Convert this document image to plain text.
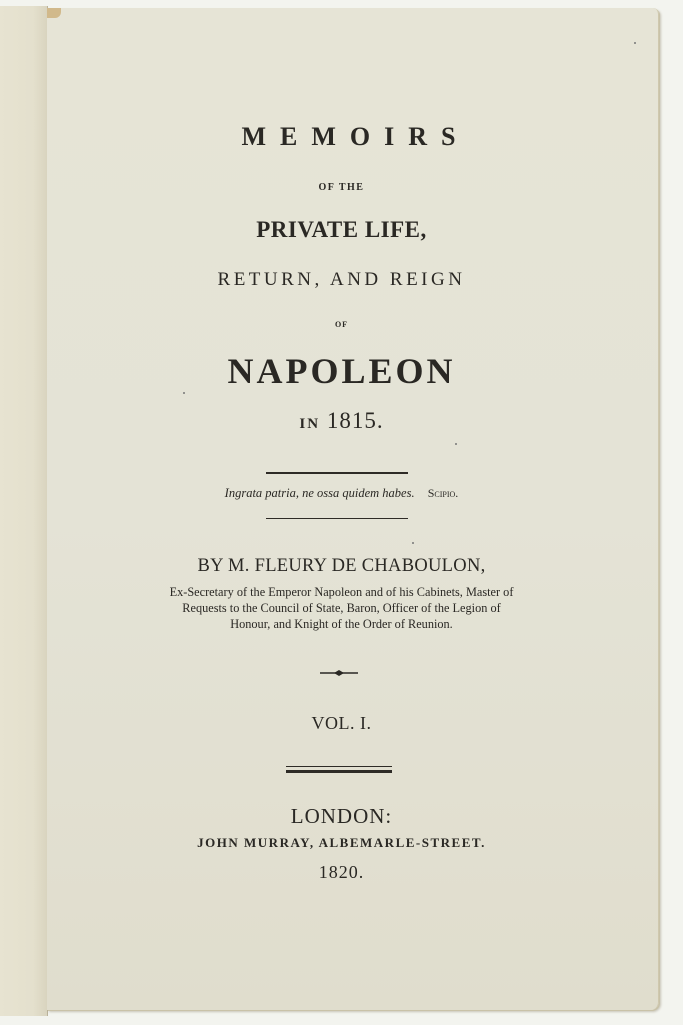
MEMOIRS
OF THE
PRIVATE LIFE,
RETURN, AND REIGN
OF
NAPOLEON
IN 1815.
Ingrata patria, ne ossa quidem habes. Scipio.
BY M. FLEURY DE CHABOULON,
Ex-Secretary of the Emperor Napoleon and of his Cabinets, Master of
Requests to the Council of State, Baron, Officer of the Legion of
Honour, and Knight of the Order of Reunion.
VOL. I.
LONDON:
JOHN MURRAY, ALBEMARLE-STREET.
1820.
